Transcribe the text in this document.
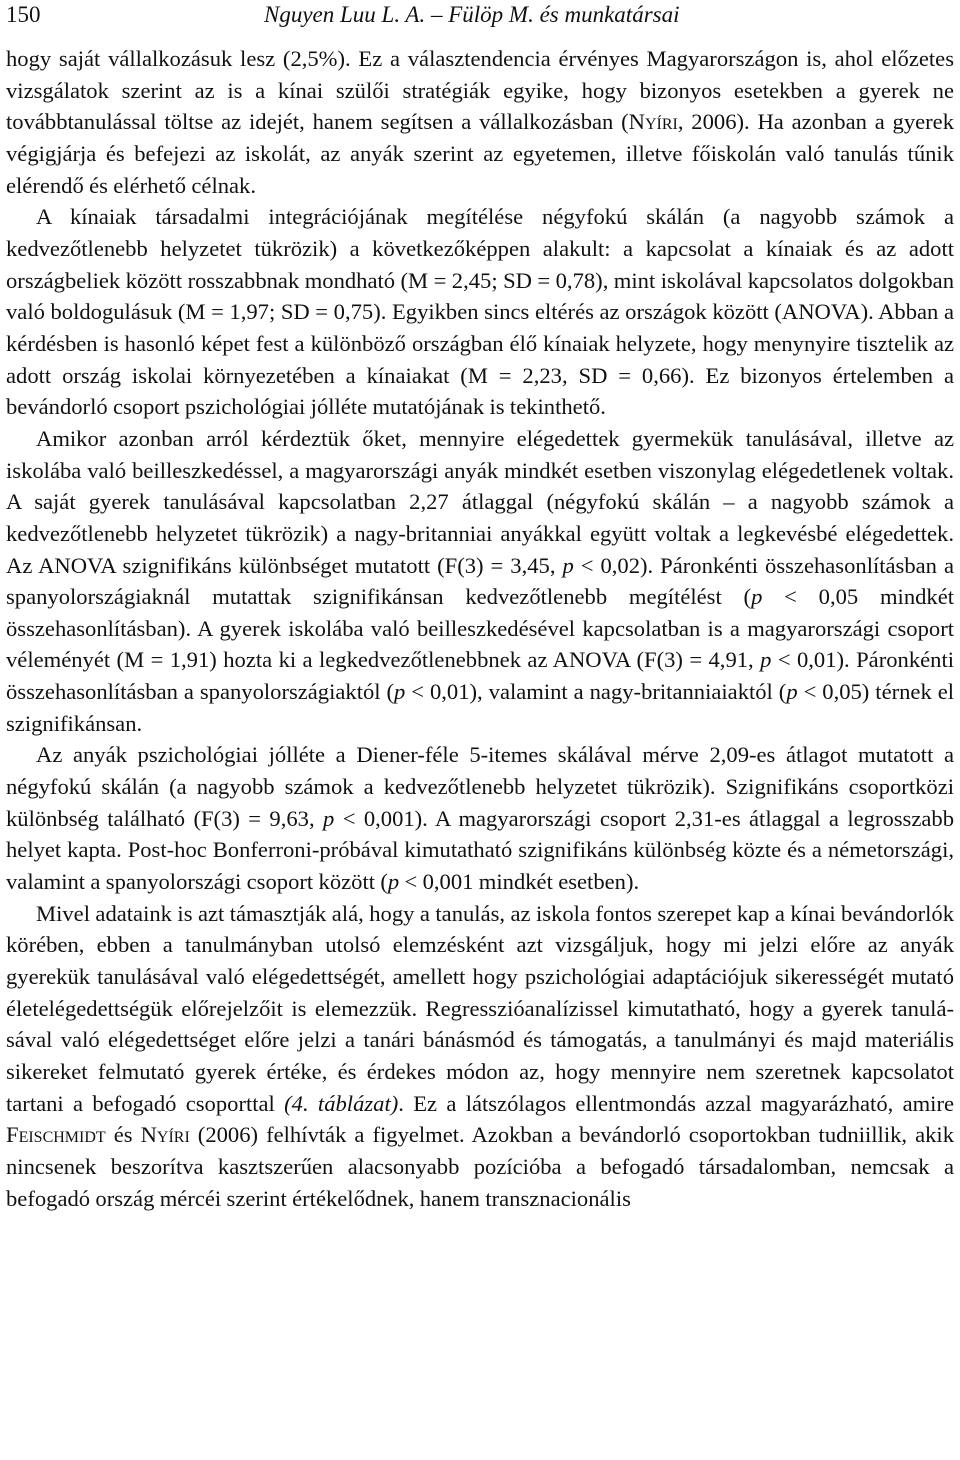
150	Nguyen Luu L. A. – Fülöp M. és munkatársai

hogy saját vállalkozásuk lesz (2,5%). Ez a választendencia érvényes Magyarországon is, ahol előzetes vizsgálatok szerint az is a kínai szülői stratégiák egyike, hogy bizonyos esetekben a gyerek ne továbbtanulással töltse az idejét, hanem segítsen a vállalkozásban (Nyíri, 2006). Ha azonban a gyerek végigjárja és befejezi az iskolát, az anyák szerint az egyetemen, illetve főiskolán való tanulás tűnik elérendő és elérhető célnak.

A kínaiak társadalmi integrációjának megítélése négyfokú skálán (a nagyobb számok a kedvezőtlenebb helyzetet tükrözik) a következőképpen alakult: a kapcsolat a kínaiak és az adott országbeliek között rosszabbnak mondható (M = 2,45; SD = 0,78), mint iskolával kapcsolatos dolgokban való boldogulásuk (M = 1,97; SD = 0,75). Egyikben sincs eltérés az országok között (ANOVA). Abban a kérdésben is hasonló képet fest a különböző országban élő kínaiak helyzete, hogy menynyire tisztelik az adott ország iskolai környezetében a kínaiakat (M = 2,23, SD = 0,66). Ez bizonyos értelemben a bevándorló csoport pszichológiai jólléte mutatójának is tekinthető.

Amikor azonban arról kérdeztük őket, mennyire elégedettek gyermekük tanulásával, illetve az iskolába való beilleszkedéssel, a magyarországi anyák mindkét esetben viszonylag elégedetlenek voltak. A saját gyerek tanulásával kapcsolatban 2,27 átlaggal (négyfokú skálán – a nagyobb számok a kedvezőtlenebb helyzetet tükrözik) a nagy-britanniai anyákkal együtt voltak a legkevésbé elégedettek. Az ANOVA szignifikáns különbséget mutatott (F(3) = 3,45, p < 0,02). Páronkénti összehasonlításban a spanyolországiaknál mutattak szignifikánsan kedvezőtlenebb megítélést (p < 0,05 mindkét összehasonlításban). A gyerek iskolába való beilleszkedésével kapcsolatban is a magyarországi csoport véleményét (M = 1,91) hozta ki a legkedvezőtlenebbnek az ANOVA (F(3) = 4,91, p < 0,01). Páronkénti összehasonlításban a spanyolországiaktól (p < 0,01), valamint a nagy-britanniaiaktól (p < 0,05) térnek el szignifikánsan.

Az anyák pszichológiai jólléte a Diener-féle 5-itemes skálával mérve 2,09-es átlagot mutatott a négyfokú skálán (a nagyobb számok a kedvezőtlenebb helyzetet tükrözik). Szignifikáns csoportközi különbség található (F(3) = 9,63, p < 0,001). A magyarországi csoport 2,31-es átlaggal a legrosszabb helyet kapta. Post-hoc Bonferroni-próbával kimutatható szignifikáns különbség közte és a németországi, valamint a spanyolországi csoport között (p < 0,001 mindkét esetben).

Mivel adataink is azt támasztják alá, hogy a tanulás, az iskola fontos szerepet kap a kínai bevándorlók körében, ebben a tanulmányban utolsó elemzésként azt vizsgáljuk, hogy mi jelzi előre az anyák gyerekük tanulásával való elégedettségét, amellett hogy pszichológiai adaptációjuk sikerességét mutató életelégedettségük előrejelzőit is elemezzük. Regresszióanalízissel kimutatható, hogy a gyerek tanulásával való elégedettséget előre jelzi a tanári bánásmód és támogatás, a tanulmányi és majd materiális sikereket felmutató gyerek értéke, és érdekes módon az, hogy mennyire nem szeretnek kapcsolatot tartani a befogadó csoporttal (4. táblázat). Ez a látszólagos ellentmondás azzal magyarázható, amire Feischmidt és Nyíri (2006) felhívták a figyelmet. Azokban a bevándorló csoportokban tudniillik, akik nincsenek beszorítva kasztszerűen alacsonyabb pozícióba a befogadó társadalomban, nemcsak a befogadó ország mércéi szerint értékelődnek, hanem transznacionális
